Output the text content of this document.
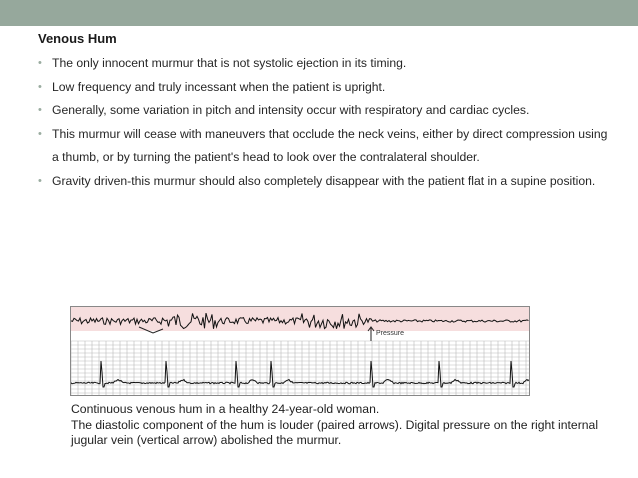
Venous Hum
• The only innocent murmur that is not systolic ejection in its timing.
• Low frequency and truly incessant when the patient is upright.
• Generally, some variation in pitch and intensity occur with respiratory and cardiac cycles.
• This murmur will cease with maneuvers that occlude the neck veins, either by direct compression using a thumb, or by turning the patient's head to look over the contralateral shoulder.
• Gravity driven-this murmur should also completely disappear with the patient flat in a supine position.
Pressure
Continuous venous hum in a healthy 24-year-old woman.
The diastolic component of the hum is louder (paired arrows). Digital pressure on the right internal
jugular vein (vertical arrow) abolished the murmur.
